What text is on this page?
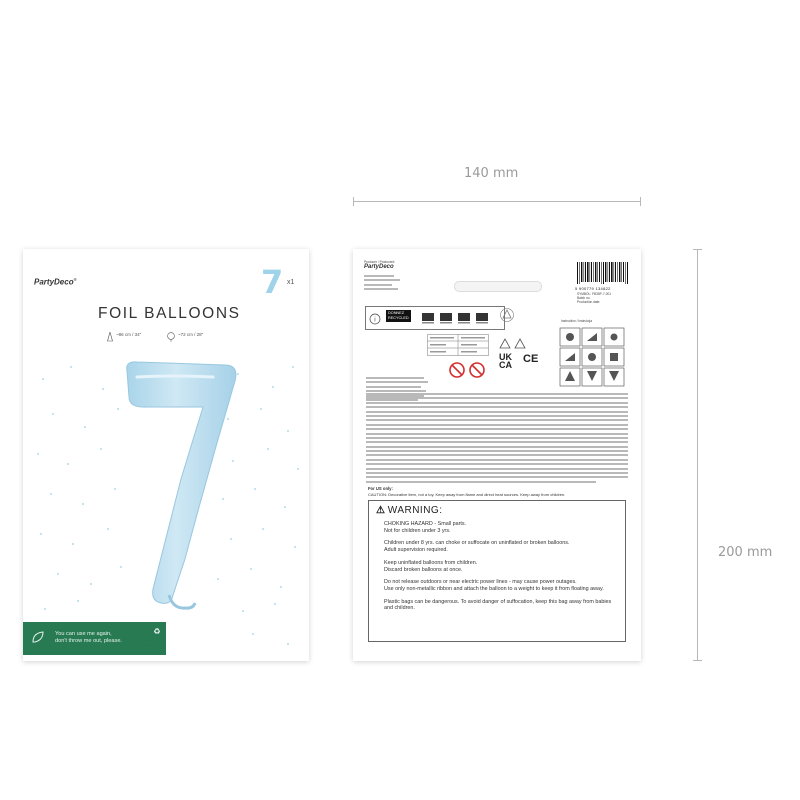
140 mm
200 mm
PartyDeco®	7 x1
FOIL BALLOONS
~86 cm / 34"	~72 cm / 28"
You can use me again,
don't throw me out, please.
♻
RECYCLABLE
Producer / Producent:
PartyDeco
5 900779 134822
SYMBOL: FB35P-7-001
Batch no.
Production date:
Instruction / Instrukcja
i
DONNEZ
RECYCLED
UK
CA CE
For US only:
CAUTION: Decorative item, not a toy. Keep away from flame and direct heat sources. Keep away from children.
⚠ WARNING:

CHOKING HAZARD - Small parts.

Not for children under 3 yrs.

Children under 8 yrs. can choke or suffocate on uninflated or broken balloons.

Adult supervision required.

Keep uninflated balloons from children.

Discard broken balloons at once.

Do not release outdoors or near electric power lines - may cause power outages.

Use only non-metallic ribbon and attach the balloon to a weight to keep it from floating away.

Plastic bags can be dangerous. To avoid danger of suffocation, keep this bag away from babies and children.
